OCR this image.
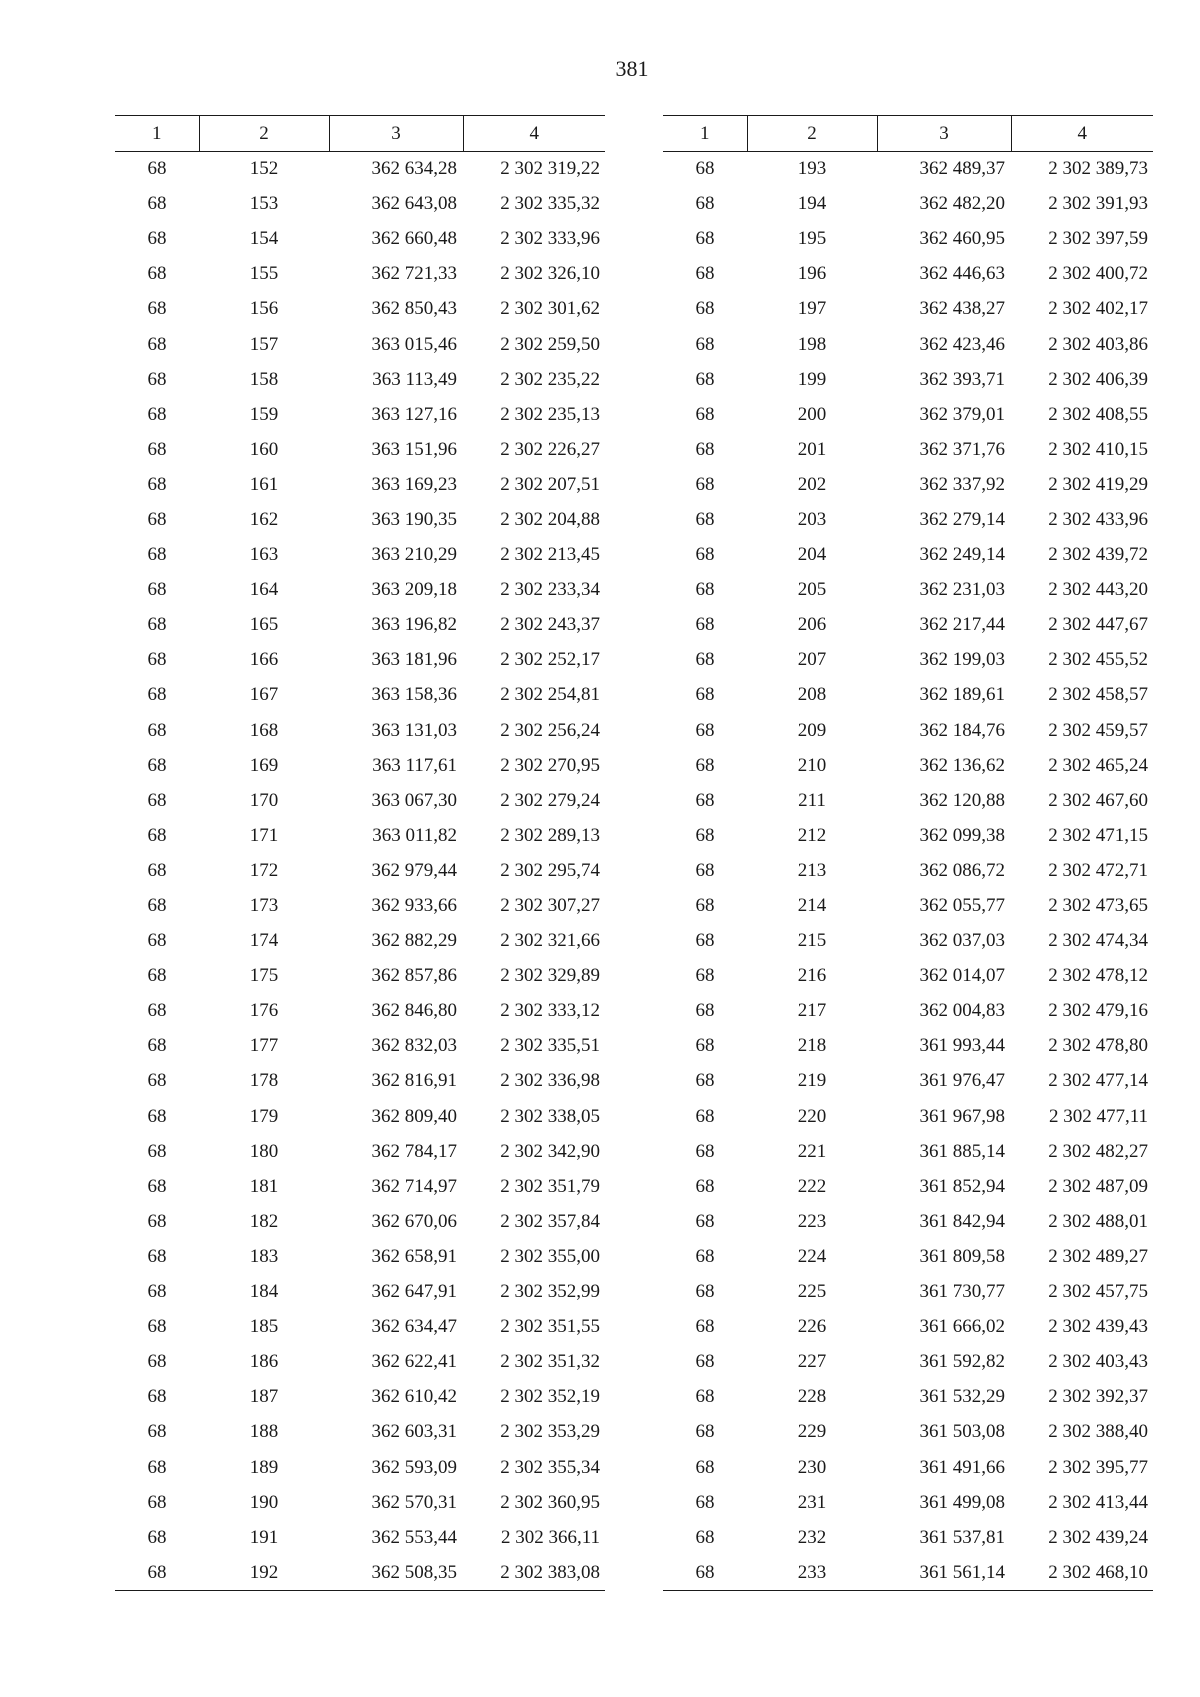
381
1	2	3	4
68	152	362 634,28	2 302 319,22
68	153	362 643,08	2 302 335,32
68	154	362 660,48	2 302 333,96
68	155	362 721,33	2 302 326,10
68	156	362 850,43	2 302 301,62
68	157	363 015,46	2 302 259,50
68	158	363 113,49	2 302 235,22
68	159	363 127,16	2 302 235,13
68	160	363 151,96	2 302 226,27
68	161	363 169,23	2 302 207,51
68	162	363 190,35	2 302 204,88
68	163	363 210,29	2 302 213,45
68	164	363 209,18	2 302 233,34
68	165	363 196,82	2 302 243,37
68	166	363 181,96	2 302 252,17
68	167	363 158,36	2 302 254,81
68	168	363 131,03	2 302 256,24
68	169	363 117,61	2 302 270,95
68	170	363 067,30	2 302 279,24
68	171	363 011,82	2 302 289,13
68	172	362 979,44	2 302 295,74
68	173	362 933,66	2 302 307,27
68	174	362 882,29	2 302 321,66
68	175	362 857,86	2 302 329,89
68	176	362 846,80	2 302 333,12
68	177	362 832,03	2 302 335,51
68	178	362 816,91	2 302 336,98
68	179	362 809,40	2 302 338,05
68	180	362 784,17	2 302 342,90
68	181	362 714,97	2 302 351,79
68	182	362 670,06	2 302 357,84
68	183	362 658,91	2 302 355,00
68	184	362 647,91	2 302 352,99
68	185	362 634,47	2 302 351,55
68	186	362 622,41	2 302 351,32
68	187	362 610,42	2 302 352,19
68	188	362 603,31	2 302 353,29
68	189	362 593,09	2 302 355,34
68	190	362 570,31	2 302 360,95
68	191	362 553,44	2 302 366,11
68	192	362 508,35	2 302 383,08
1	2	3	4
68	193	362 489,37	2 302 389,73
68	194	362 482,20	2 302 391,93
68	195	362 460,95	2 302 397,59
68	196	362 446,63	2 302 400,72
68	197	362 438,27	2 302 402,17
68	198	362 423,46	2 302 403,86
68	199	362 393,71	2 302 406,39
68	200	362 379,01	2 302 408,55
68	201	362 371,76	2 302 410,15
68	202	362 337,92	2 302 419,29
68	203	362 279,14	2 302 433,96
68	204	362 249,14	2 302 439,72
68	205	362 231,03	2 302 443,20
68	206	362 217,44	2 302 447,67
68	207	362 199,03	2 302 455,52
68	208	362 189,61	2 302 458,57
68	209	362 184,76	2 302 459,57
68	210	362 136,62	2 302 465,24
68	211	362 120,88	2 302 467,60
68	212	362 099,38	2 302 471,15
68	213	362 086,72	2 302 472,71
68	214	362 055,77	2 302 473,65
68	215	362 037,03	2 302 474,34
68	216	362 014,07	2 302 478,12
68	217	362 004,83	2 302 479,16
68	218	361 993,44	2 302 478,80
68	219	361 976,47	2 302 477,14
68	220	361 967,98	2 302 477,11
68	221	361 885,14	2 302 482,27
68	222	361 852,94	2 302 487,09
68	223	361 842,94	2 302 488,01
68	224	361 809,58	2 302 489,27
68	225	361 730,77	2 302 457,75
68	226	361 666,02	2 302 439,43
68	227	361 592,82	2 302 403,43
68	228	361 532,29	2 302 392,37
68	229	361 503,08	2 302 388,40
68	230	361 491,66	2 302 395,77
68	231	361 499,08	2 302 413,44
68	232	361 537,81	2 302 439,24
68	233	361 561,14	2 302 468,10
